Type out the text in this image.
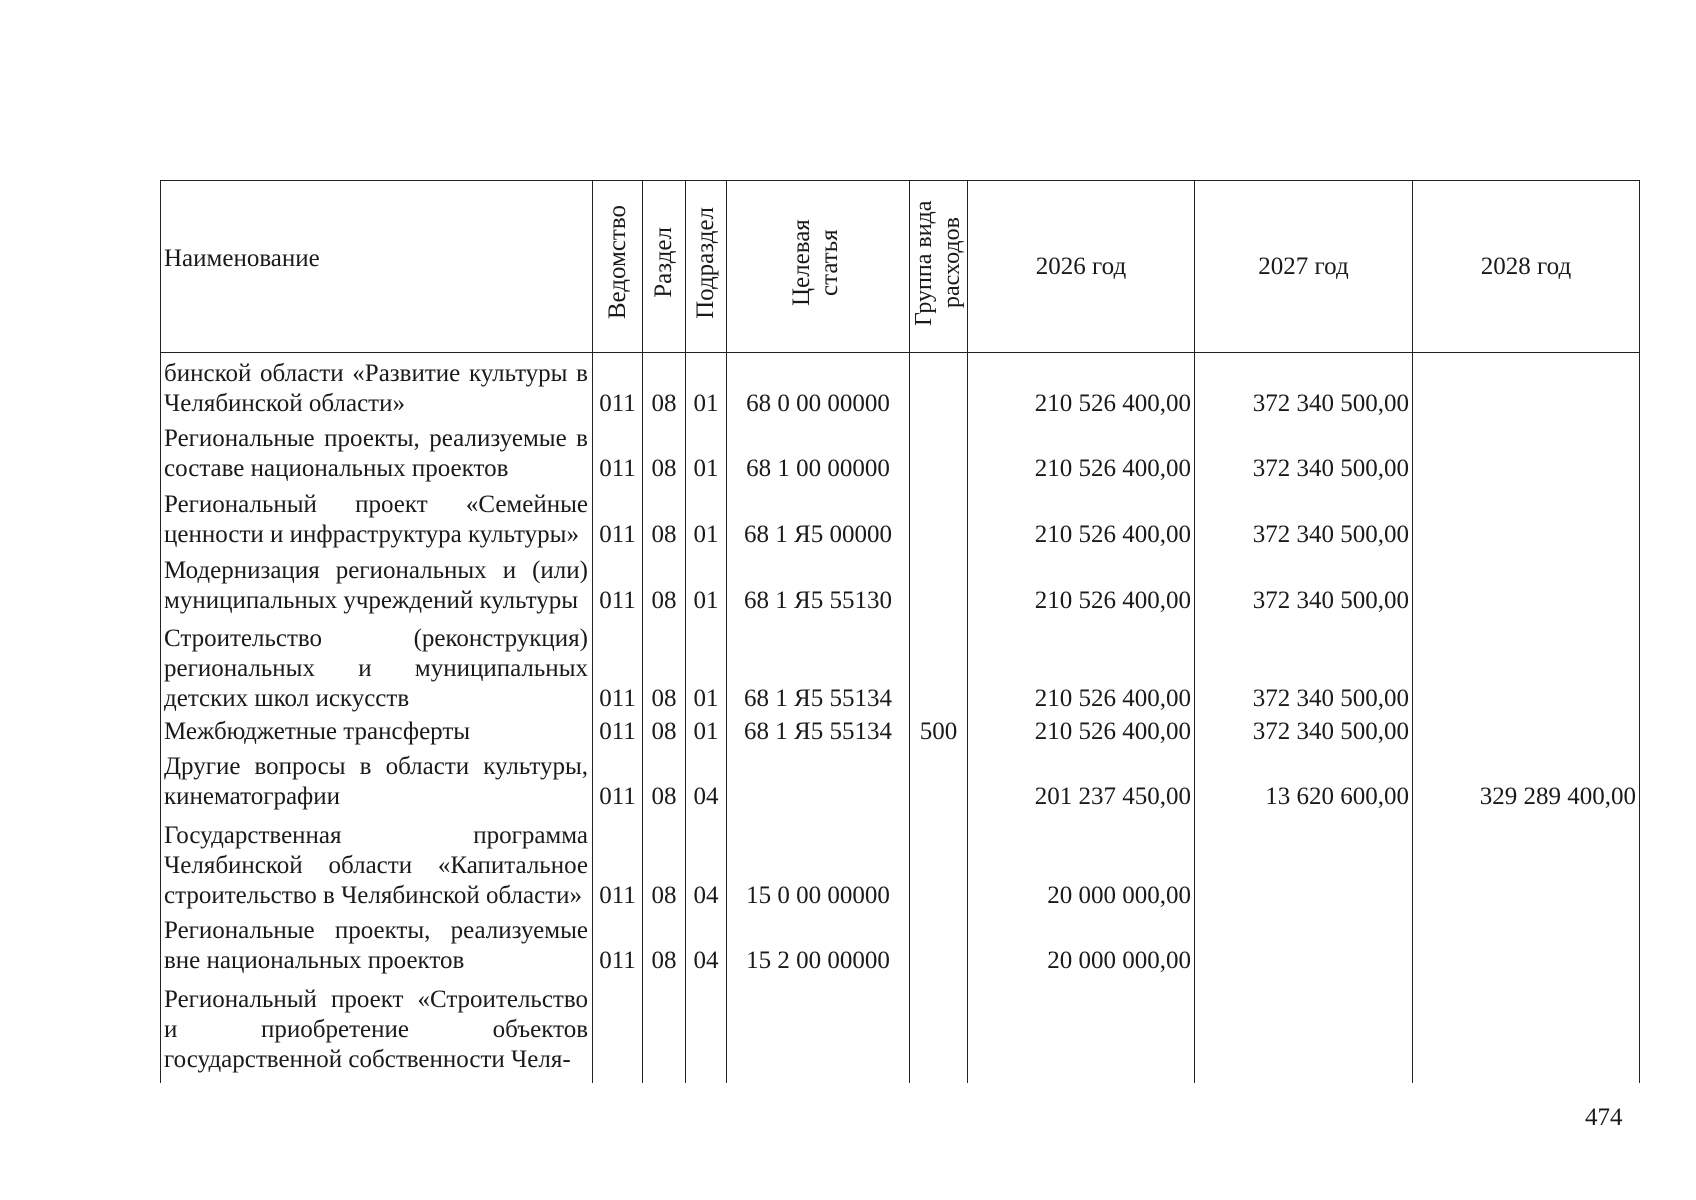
Наименование	Ведомство	Раздел	Подраздел	Целевая статья	Группа вида расходов	2026 год	2027 год	2028 год
бинской области «Развитие культуры в Челябинской области»	011	08	01	68 0 00 00000		210 526 400,00	372 340 500,00	
Региональные проекты, реализуемые в составе национальных проектов	011	08	01	68 1 00 00000		210 526 400,00	372 340 500,00	
Региональный проект «Семейные ценности и инфраструктура культуры»	011	08	01	68 1 Я5 00000		210 526 400,00	372 340 500,00	
Модернизация региональных и (или) муниципальных учреждений культуры	011	08	01	68 1 Я5 55130		210 526 400,00	372 340 500,00	
Строительство (реконструкция) региональных и муниципальных детских школ искусств	011	08	01	68 1 Я5 55134		210 526 400,00	372 340 500,00	
Межбюджетные трансферты	011	08	01	68 1 Я5 55134	500	210 526 400,00	372 340 500,00	
Другие вопросы в области культуры, кинематографии	011	08	04			201 237 450,00	13 620 600,00	329 289 400,00
Государственная программа Челябинской области «Капитальное строительство в Челябинской области»	011	08	04	15 0 00 00000		20 000 000,00		
Региональные проекты, реализуемые вне национальных проектов	011	08	04	15 2 00 00000		20 000 000,00		
Региональный проект «Строительство и приобретение объектов государственной собственности Челя-								

474
